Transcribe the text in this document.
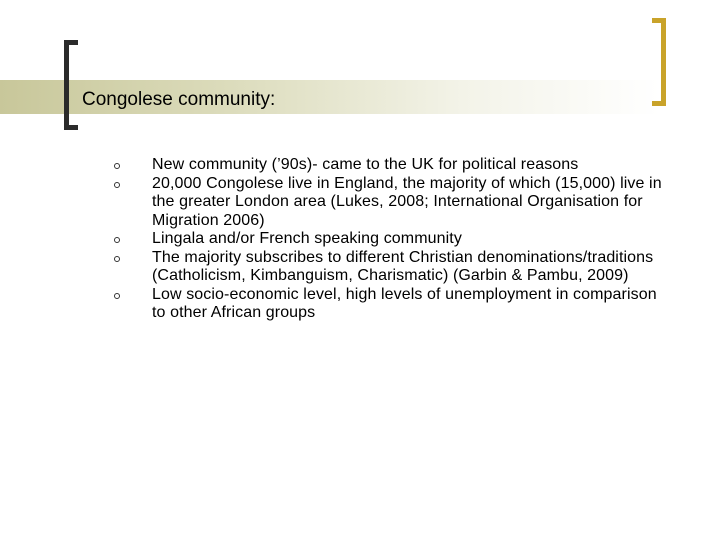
Congolese community:
New community (’90s)- came to the UK for political reasons
20,000 Congolese live in England, the majority of which (15,000) live in the greater London area (Lukes, 2008; International Organisation for Migration 2006)
Lingala and/or French speaking community
The majority subscribes to different Christian denominations/traditions (Catholicism, Kimbanguism, Charismatic) (Garbin & Pambu, 2009)
Low socio-economic level, high levels of unemployment in comparison to other African groups
